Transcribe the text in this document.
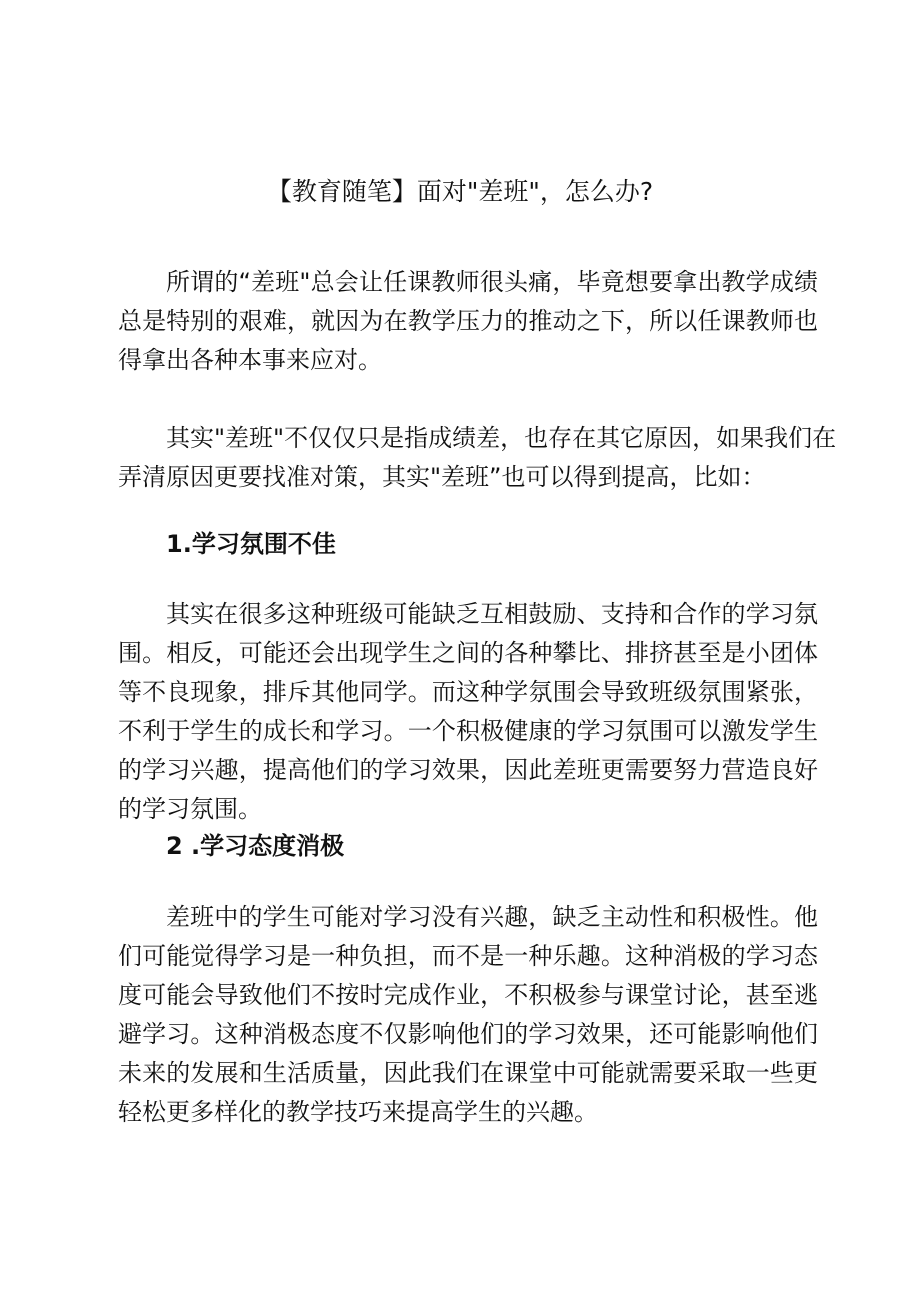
【教育随笔】面对"差班"，怎么办?

所谓的“差班"总会让任课教师很头痛，毕竟想要拿出教学成绩总是特别的艰难，就因为在教学压力的推动之下，所以任课教师也得拿出各种本事来应对。

其实"差班"不仅仅只是指成绩差，也存在其它原因，如果我们在

弄清原因更要找准对策，其实"差班”也可以得到提高，比如：

1.学习氛围不佳

其实在很多这种班级可能缺乏互相鼓励、支持和合作的学习氛围。相反，可能还会出现学生之间的各种攀比、排挤甚至是小团体等不良现象，排斥其他同学。而这种学氛围会导致班级氛围紧张，不利于学生的成长和学习。一个积极健康的学习氛围可以激发学生的学习兴趣，提高他们的学习效果，因此差班更需要努力营造良好的学习氛围。

2 .学习态度消极

差班中的学生可能对学习没有兴趣，缺乏主动性和积极性。他们可能觉得学习是一种负担，而不是一种乐趣。这种消极的学习态度可能会导致他们不按时完成作业，不积极参与课堂讨论，甚至逃避学习。这种消极态度不仅影响他们的学习效果，还可能影响他们未来的发展和生活质量，因此我们在课堂中可能就需要采取一些更轻松更多样化的教学技巧来提高学生的兴趣。
